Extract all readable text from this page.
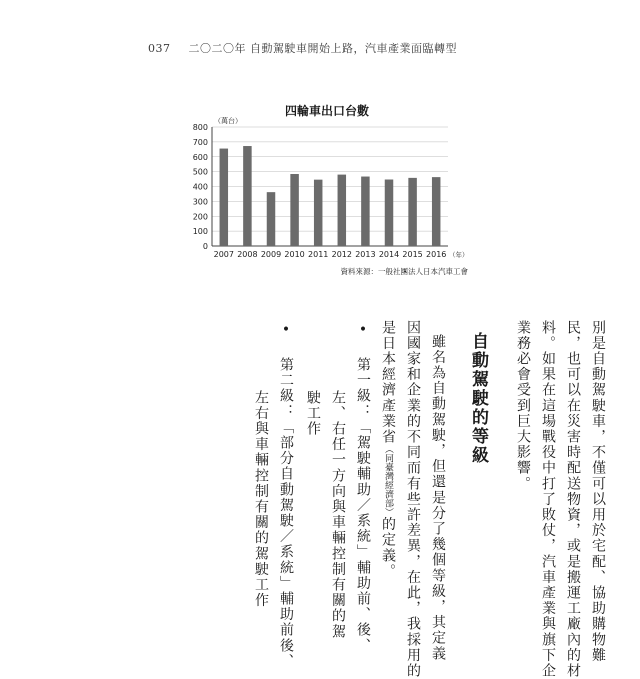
037 二〇二〇年 自動駕駛車開始上路，汽車產業面臨轉型
四輪車出口台數
0
100
200
300
400
500
600
700
800
（萬台）
2007 2008 2009 2010 2011 2012 2013 2014 2015 2016 （年）
資料來源：一般社團法人日本汽車工會
別是自動駕駛車，不僅可以用於宅配、協助購物難
民，也可以在災害時配送物資，或是搬運工廠內的材
料。如果在這場戰役中打了敗仗，汽車產業與旗下企
業務必會受到巨大影響。
自動駕駛的等級
雖名為自動駕駛，但還是分了幾個等級，其定義
因國家和企業的不同而有些許差異，在此，我採用的
是日本經濟產業省（同臺灣經濟部）的定義。
• 第一級：「駕駛輔助／系統」輔助前、後、
左、右任一方向與車輛控制有關的駕
駛工作
• 第二級：「部分自動駕駛／系統」輔助前後、
左右與車輛控制有關的駕駛工作
